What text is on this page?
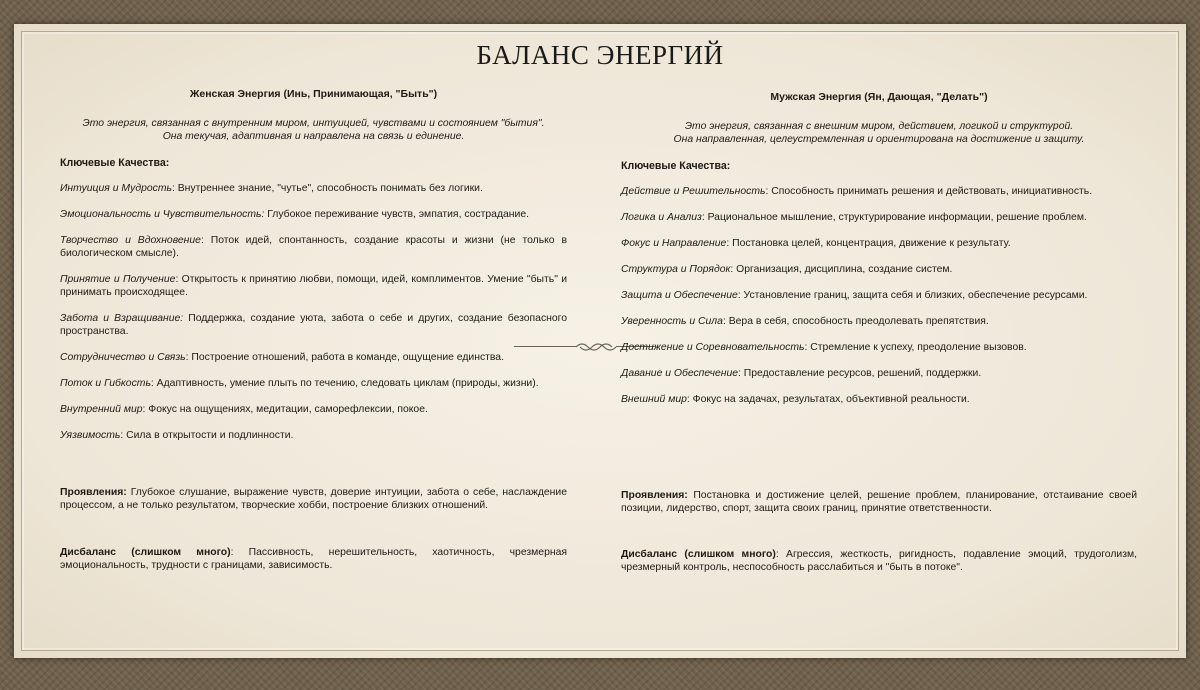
БАЛАНС ЭНЕРГИЙ
Женская Энергия (Инь, Принимающая, "Быть")
Это энергия, связанная с внутренним миром, интуицией, чувствами и состоянием "бытия".
Она текучая, адаптивная и направлена на связь и единение.
Ключевые Качества:
Интуиция и Мудрость: Внутреннее знание, "чутье", способность понимать без логики.
Эмоциональность и Чувствительность: Глубокое переживание чувств, эмпатия, сострадание.
Творчество и Вдохновение: Поток идей, спонтанность, создание красоты и жизни (не только в биологическом смысле).
Принятие и Получение: Открытость к принятию любви, помощи, идей, комплиментов. Умение "быть" и принимать происходящее.
Забота и Взращивание: Поддержка, создание уюта, забота о себе и других, создание безопасного пространства.
Сотрудничество и Связь: Построение отношений, работа в команде, ощущение единства.
Поток и Гибкость: Адаптивность, умение плыть по течению, следовать циклам (природы, жизни).
Внутренний мир: Фокус на ощущениях, медитации, саморефлексии, покое.
Уязвимость: Сила в открытости и подлинности.
Проявления: Глубокое слушание, выражение чувств, доверие интуиции, забота о себе, наслаждение процессом, а не только результатом, творческие хобби, построение близких отношений.
Дисбаланс (слишком много): Пассивность, нерешительность, хаотичность, чрезмерная эмоциональность, трудности с границами, зависимость.
Мужская Энергия (Ян, Дающая, "Делать")
Это энергия, связанная с внешним миром, действием, логикой и структурой.
Она направленная, целеустремленная и ориентирована на достижение и защиту.
Ключевые Качества:
Действие и Решительность: Способность принимать решения и действовать, инициативность.
Логика и Анализ: Рациональное мышление, структурирование информации, решение проблем.
Фокус и Направление: Постановка целей, концентрация, движение к результату.
Структура и Порядок: Организация, дисциплина, создание систем.
Защита и Обеспечение: Установление границ, защита себя и близких, обеспечение ресурсами.
Уверенность и Сила: Вера в себя, способность преодолевать препятствия.
Достижение и Соревновательность: Стремление к успеху, преодоление вызовов.
Давание и Обеспечение: Предоставление ресурсов, решений, поддержки.
Внешний мир: Фокус на задачах, результатах, объективной реальности.
Проявления: Постановка и достижение целей, решение проблем, планирование, отстаивание своей позиции, лидерство, спорт, защита своих границ, принятие ответственности.
Дисбаланс (слишком много): Агрессия, жесткость, ригидность, подавление эмоций, трудоголизм, чрезмерный контроль, неспособность расслабиться и "быть в потоке".
